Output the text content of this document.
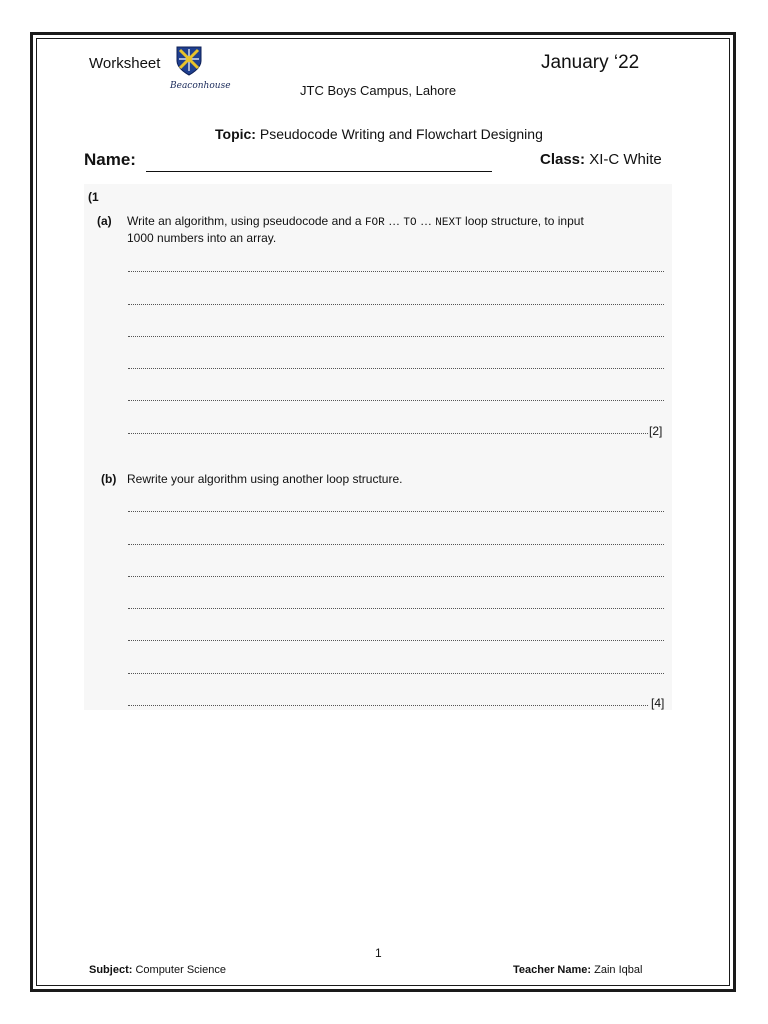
Worksheet
Beaconhouse	JTC Boys Campus, Lahore
January ‘22
Topic: Pseudocode Writing and Flowchart Designing
Name:	Class: XI-C White
(1
(a) Write an algorithm, using pseudocode and a FOR … TO … NEXT loop structure, to input
1000 numbers into an array.
[2]
(b) Rewrite your algorithm using another loop structure.
[4]
1
Subject: Computer Science	Teacher Name: Zain Iqbal
